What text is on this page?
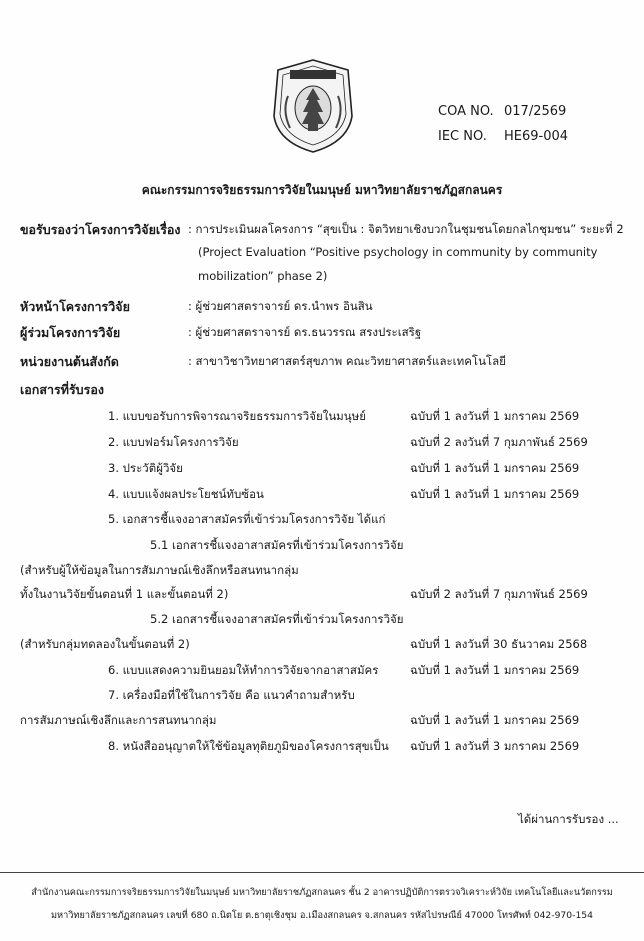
COA NO. 017/2569
IEC NO. HE69-004
คณะกรรมการจริยธรรมการวิจัยในมนุษย์ มหาวิทยาลัยราชภัฏสกลนคร
ขอรับรองว่าโครงการวิจัยเรื่อง : การประเมินผลโครงการ “สุขเป็น : จิตวิทยาเชิงบวกในชุมชนโดยกลไกชุมชน” ระยะที่ 2
(Project Evaluation “Positive psychology in community by community
mobilization” phase 2)
หัวหน้าโครงการวิจัย	: ผู้ช่วยศาสตราจารย์ ดร.นำพร อินสิน
ผู้ร่วมโครงการวิจัย	: ผู้ช่วยศาสตราจารย์ ดร.ธนวรรณ สรงประเสริฐ
หน่วยงานต้นสังกัด	: สาขาวิชาวิทยาศาสตร์สุขภาพ คณะวิทยาศาสตร์และเทคโนโลยี
เอกสารที่รับรอง
1. แบบขอรับการพิจารณาจริยธรรมการวิจัยในมนุษย์	ฉบับที่ 1 ลงวันที่ 1 มกราคม 2569
2. แบบฟอร์มโครงการวิจัย	ฉบับที่ 2 ลงวันที่ 7 กุมภาพันธ์ 2569
3. ประวัติผู้วิจัย	ฉบับที่ 1 ลงวันที่ 1 มกราคม 2569
4. แบบแจ้งผลประโยชน์ทับซ้อน	ฉบับที่ 1 ลงวันที่ 1 มกราคม 2569
5. เอกสารชี้แจงอาสาสมัครที่เข้าร่วมโครงการวิจัย ได้แก่
5.1 เอกสารชี้แจงอาสาสมัครที่เข้าร่วมโครงการวิจัย
(สำหรับผู้ให้ข้อมูลในการสัมภาษณ์เชิงลึกหรือสนทนากลุ่ม
ทั้งในงานวิจัยขั้นตอนที่ 1 และขั้นตอนที่ 2)	ฉบับที่ 2 ลงวันที่ 7 กุมภาพันธ์ 2569
5.2 เอกสารชี้แจงอาสาสมัครที่เข้าร่วมโครงการวิจัย
(สำหรับกลุ่มทดลองในขั้นตอนที่ 2)	ฉบับที่ 1 ลงวันที่ 30 ธันวาคม 2568
6. แบบแสดงความยินยอมให้ทำการวิจัยจากอาสาสมัคร	ฉบับที่ 1 ลงวันที่ 1 มกราคม 2569
7. เครื่องมือที่ใช้ในการวิจัย คือ แนวคำถามสำหรับ
การสัมภาษณ์เชิงลึกและการสนทนากลุ่ม	ฉบับที่ 1 ลงวันที่ 1 มกราคม 2569
8. หนังสืออนุญาตให้ใช้ข้อมูลทุติยภูมิของโครงการสุขเป็น ฉบับที่ 1 ลงวันที่ 3 มกราคม 2569
ได้ผ่านการรับรอง ...
สำนักงานคณะกรรมการจริยธรรมการวิจัยในมนุษย์ มหาวิทยาลัยราชภัฏสกลนคร ชั้น 2 อาคารปฏิบัติการตรวจวิเคราะห์วิจัย เทคโนโลยีและนวัตกรรม
มหาวิทยาลัยราชภัฏสกลนคร เลขที่ 680 ถ.นิตโย ต.ธาตุเชิงชุม อ.เมืองสกลนคร จ.สกลนคร รหัสไปรษณีย์ 47000 โทรศัพท์ 042-970-154
